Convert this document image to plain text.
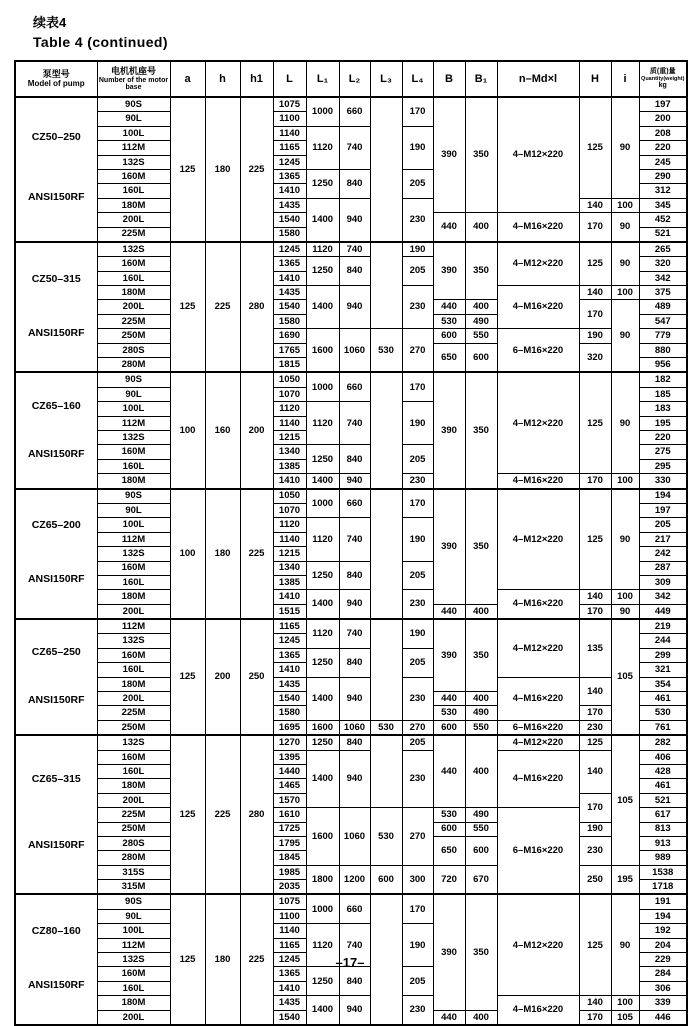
续表4
Table 4 (continued)
泵型号
Model of pump

电机机座号
Number of the motor base
	a	h	h1	L	L₁	L₂	L₃	L₄	B	B₁	n–Md×l	H	i	
质(重)量
Quantity(weight)
kg

CZ50–250
ANSI150RF	90S	125	180	225	1075	1000	660		170	390	350	4–M12×220	125	90	197
	90L				1100										200
	100L				1140	1120	740		190						208
	112M				1165										220
	132S				1245										245
	160M				1365	1250	840		205						290
	160L				1410										312
	180M				1435	1400	940		230				140	100	345
	200L				1540					440	400	4–M16×220	170	90	452
	225M				1580										521

CZ50–315
ANSI150RF	132S	125	225	280	1245	1120	740		190	390	350	4–M12×220	125	90	265
	160M				1365	1250	840		205						320
	160L				1410										342
	180M				1435	1400	940		230			4–M16×220	140	100	375
	200L				1540					440	400		170	90	489
	225M				1580					530	490				547
	250M				1690	1600	1060	530	270	600	550	6–M16×220	190		779
	280S				1765					650	600		320		880
	280M				1815										956

CZ65–160
ANSI150RF	90S	100	160	200	1050	1000	660		170	390	350	4–M12×220	125	90	182
	90L				1070										185
	100L				1120	1120	740		190						183
	112M				1140										195
	132S				1215										220
	160M				1340	1250	840		205						275
	160L				1385										295
	180M				1410	1400	940		230			4–M16×220	170	100	330

CZ65–200
ANSI150RF	90S	100	180	225	1050	1000	660		170	390	350	4–M12×220	125	90	194
	90L				1070										197
	100L				1120	1120	740		190						205
	112M				1140										217
	132S				1215										242
	160M				1340	1250	840		205						287
	160L				1385										309
	180M				1410	1400	940		230			4–M16×220	140	100	342
	200L				1515					440	400		170	90	449

CZ65–250
ANSI150RF	112M	125	200	250	1165	1120	740		190	390	350	4–M12×220	135	105	219
	132S				1245										244
	160M				1365	1250	840		205						299
	160L				1410										321
	180M				1435	1400	940		230			4–M16×220	140		354
	200L				1540					440	400				461
	225M				1580					530	490		170		530
	250M				1695	1600	1060	530	270	600	550	6–M16×220	230		761

CZ65–315
ANSI150RF	132S	125	225	280	1270	1250	840		205	440	400	4–M12×220	125	105	282
	160M				1395	1400	940		230			4–M16×220	140		406
	160L				1440										428
	180M				1465										461
	200L				1570								170		521
	225M				1610	1600	1060	530	270	530	490	6–M16×220			617
	250M				1725					600	550		190		813
	280S				1795					650	600		230		913
	280M				1845										989
	315S				1985	1800	1200	600	300	720	670		250	195	1538
	315M				2035										1718

CZ80–160
ANSI150RF	90S	125	180	225	1075	1000	660		170	390	350	4–M12×220	125	90	191
	90L				1100										194
	100L				1140	1120	740		190						192
	112M				1165										204
	132S				1245										229
	160M				1365	1250	840		205						284
	160L				1410										306
	180M				1435	1400	940		230			4–M16×220	140	100	339
	200L				1540					440	400		170	105	446
–17–
